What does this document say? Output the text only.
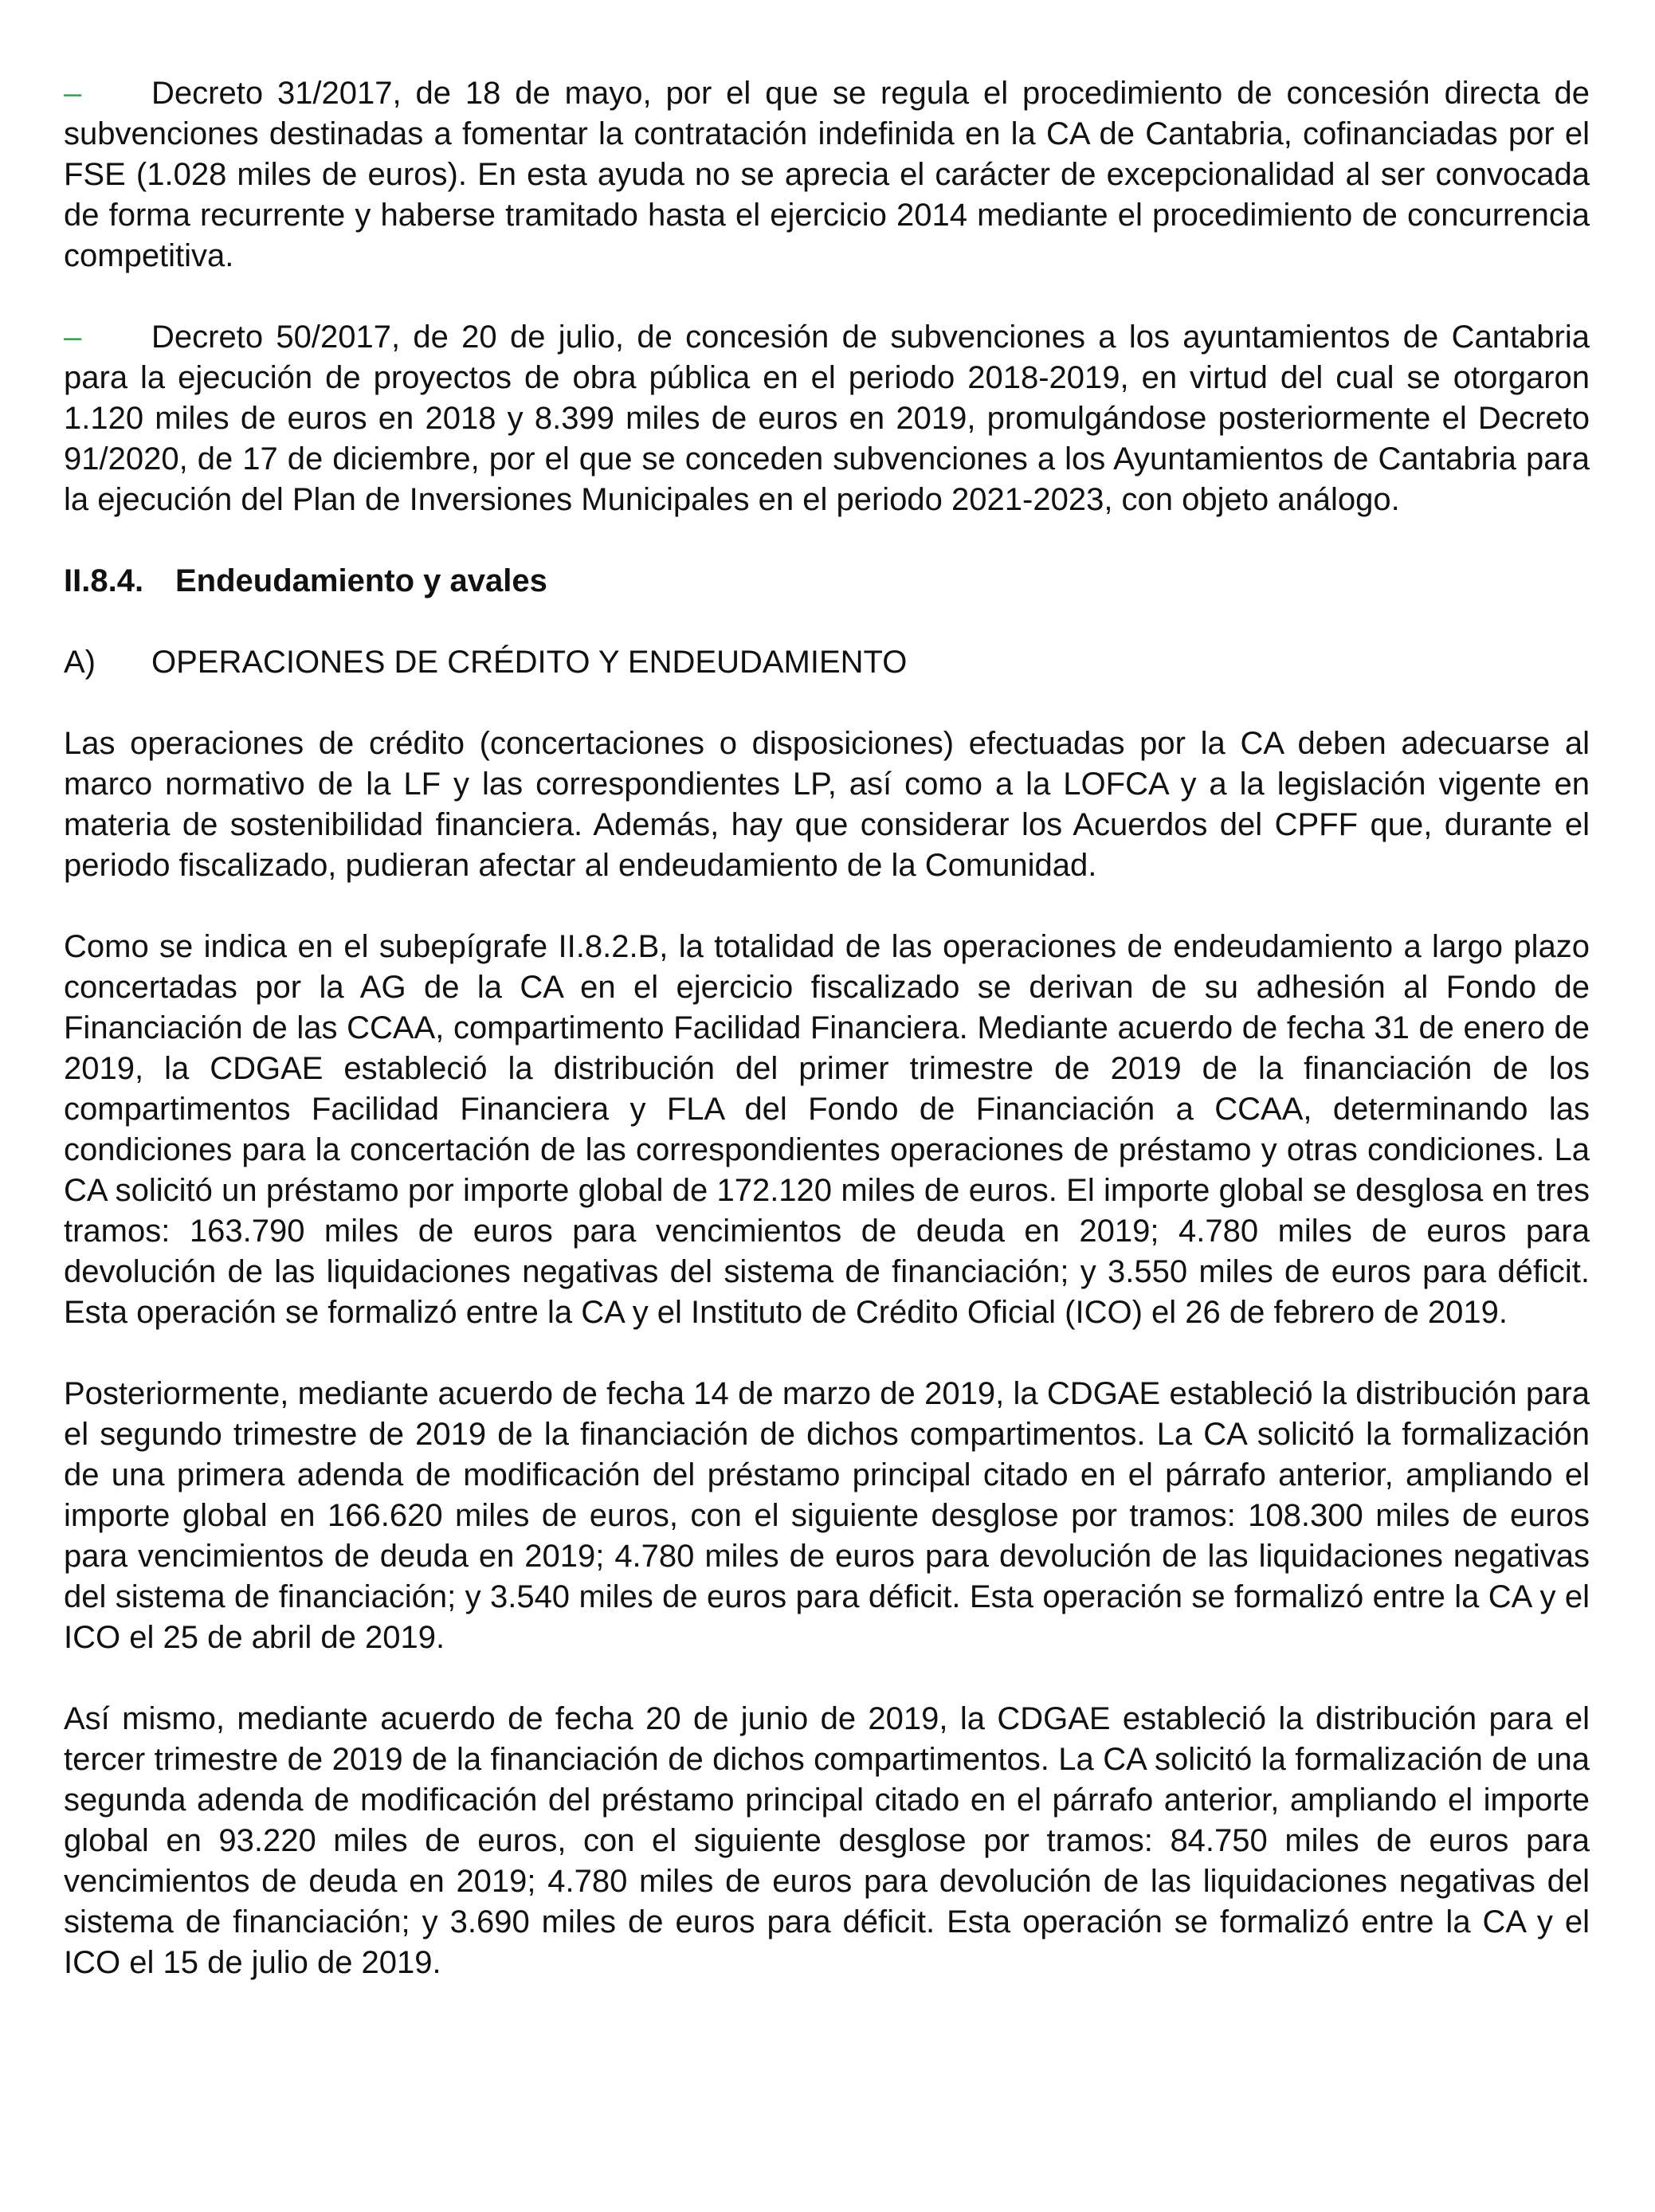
– Decreto 31/2017, de 18 de mayo, por el que se regula el procedimiento de concesión directa de subvenciones destinadas a fomentar la contratación indefinida en la CA de Cantabria, cofinanciadas por el FSE (1.028 miles de euros). En esta ayuda no se aprecia el carácter de excepcionalidad al ser convocada de forma recurrente y haberse tramitado hasta el ejercicio 2014 mediante el procedimiento de concurrencia competitiva.

– Decreto 50/2017, de 20 de julio, de concesión de subvenciones a los ayuntamientos de Cantabria para la ejecución de proyectos de obra pública en el periodo 2018-2019, en virtud del cual se otorgaron 1.120 miles de euros en 2018 y 8.399 miles de euros en 2019, promulgándose posteriormente el Decreto 91/2020, de 17 de diciembre, por el que se conceden subvenciones a los Ayuntamientos de Cantabria para la ejecución del Plan de Inversiones Municipales en el periodo 2021-2023, con objeto análogo.

II.8.4. Endeudamiento y avales
A) OPERACIONES DE CRÉDITO Y ENDEUDAMIENTO

Las operaciones de crédito (concertaciones o disposiciones) efectuadas por la CA deben adecuarse al marco normativo de la LF y las correspondientes LP, así como a la LOFCA y a la legislación vigente en materia de sostenibilidad financiera. Además, hay que considerar los Acuerdos del CPFF que, durante el periodo fiscalizado, pudieran afectar al endeudamiento de la Comunidad.

Como se indica en el subepígrafe II.8.2.B, la totalidad de las operaciones de endeudamiento a largo plazo concertadas por la AG de la CA en el ejercicio fiscalizado se derivan de su adhesión al Fondo de Financiación de las CCAA, compartimento Facilidad Financiera. Mediante acuerdo de fecha 31 de enero de 2019, la CDGAE estableció la distribución del primer trimestre de 2019 de la financiación de los compartimentos Facilidad Financiera y FLA del Fondo de Financiación a CCAA, determinando las condiciones para la concertación de las correspondientes operaciones de préstamo y otras condiciones. La CA solicitó un préstamo por importe global de 172.120 miles de euros. El importe global se desglosa en tres tramos: 163.790 miles de euros para vencimientos de deuda en 2019; 4.780 miles de euros para devolución de las liquidaciones negativas del sistema de financiación; y 3.550 miles de euros para déficit. Esta operación se formalizó entre la CA y el Instituto de Crédito Oficial (ICO) el 26 de febrero de 2019.

Posteriormente, mediante acuerdo de fecha 14 de marzo de 2019, la CDGAE estableció la distribución para el segundo trimestre de 2019 de la financiación de dichos compartimentos. La CA solicitó la formalización de una primera adenda de modificación del préstamo principal citado en el párrafo anterior, ampliando el importe global en 166.620 miles de euros, con el siguiente desglose por tramos: 108.300 miles de euros para vencimientos de deuda en 2019; 4.780 miles de euros para devolución de las liquidaciones negativas del sistema de financiación; y 3.540 miles de euros para déficit. Esta operación se formalizó entre la CA y el ICO el 25 de abril de 2019.

Así mismo, mediante acuerdo de fecha 20 de junio de 2019, la CDGAE estableció la distribución para el tercer trimestre de 2019 de la financiación de dichos compartimentos. La CA solicitó la formalización de una segunda adenda de modificación del préstamo principal citado en el párrafo anterior, ampliando el importe global en 93.220 miles de euros, con el siguiente desglose por tramos: 84.750 miles de euros para vencimientos de deuda en 2019; 4.780 miles de euros para devolución de las liquidaciones negativas del sistema de financiación; y 3.690 miles de euros para déficit. Esta operación se formalizó entre la CA y el ICO el 15 de julio de 2019.
